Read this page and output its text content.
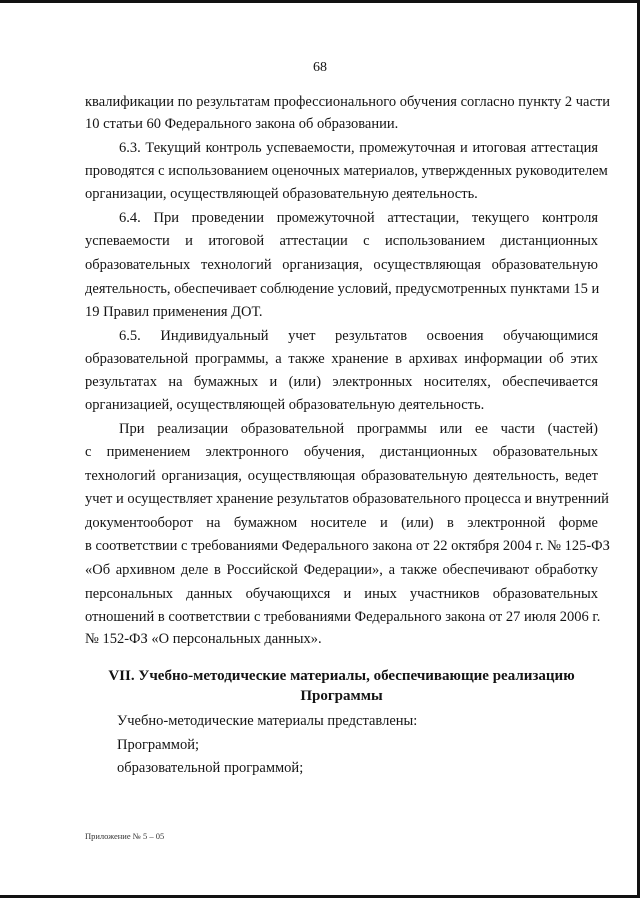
68
квалификации по результатам профессионального обучения согласно пункту 2 части
10 статьи 60 Федерального закона об образовании.
6.3. Текущий контроль успеваемости, промежуточная и итоговая аттестация
проводятся с использованием оценочных материалов, утвержденных руководителем
организации, осуществляющей образовательную деятельность.
6.4. При проведении промежуточной аттестации, текущего контроля
успеваемости и итоговой аттестации с использованием дистанционных
образовательных технологий организация, осуществляющая образовательную
деятельность, обеспечивает соблюдение условий, предусмотренных пунктами 15 и
19 Правил применения ДОТ.
6.5. Индивидуальный учет результатов освоения обучающимися
образовательной программы, а также хранение в архивах информации об этих
результатах на бумажных и (или) электронных носителях, обеспечивается
организацией, осуществляющей образовательную деятельность.
При реализации образовательной программы или ее части (частей)
с применением электронного обучения, дистанционных образовательных
технологий организация, осуществляющая образовательную деятельность, ведет
учет и осуществляет хранение результатов образовательного процесса и внутренний
документооборот на бумажном носителе и (или) в электронной форме
в соответствии с требованиями Федерального закона от 22 октября 2004 г. № 125-ФЗ
«Об архивном деле в Российской Федерации», а также обеспечивают обработку
персональных данных обучающихся и иных участников образовательных
отношений в соответствии с требованиями Федерального закона от 27 июля 2006 г.
№ 152-ФЗ «О персональных данных».
VII. Учебно-методические материалы, обеспечивающие реализацию
Программы
Учебно-методические материалы представлены:
Программой;
образовательной программой;
Приложение № 5 – 05
